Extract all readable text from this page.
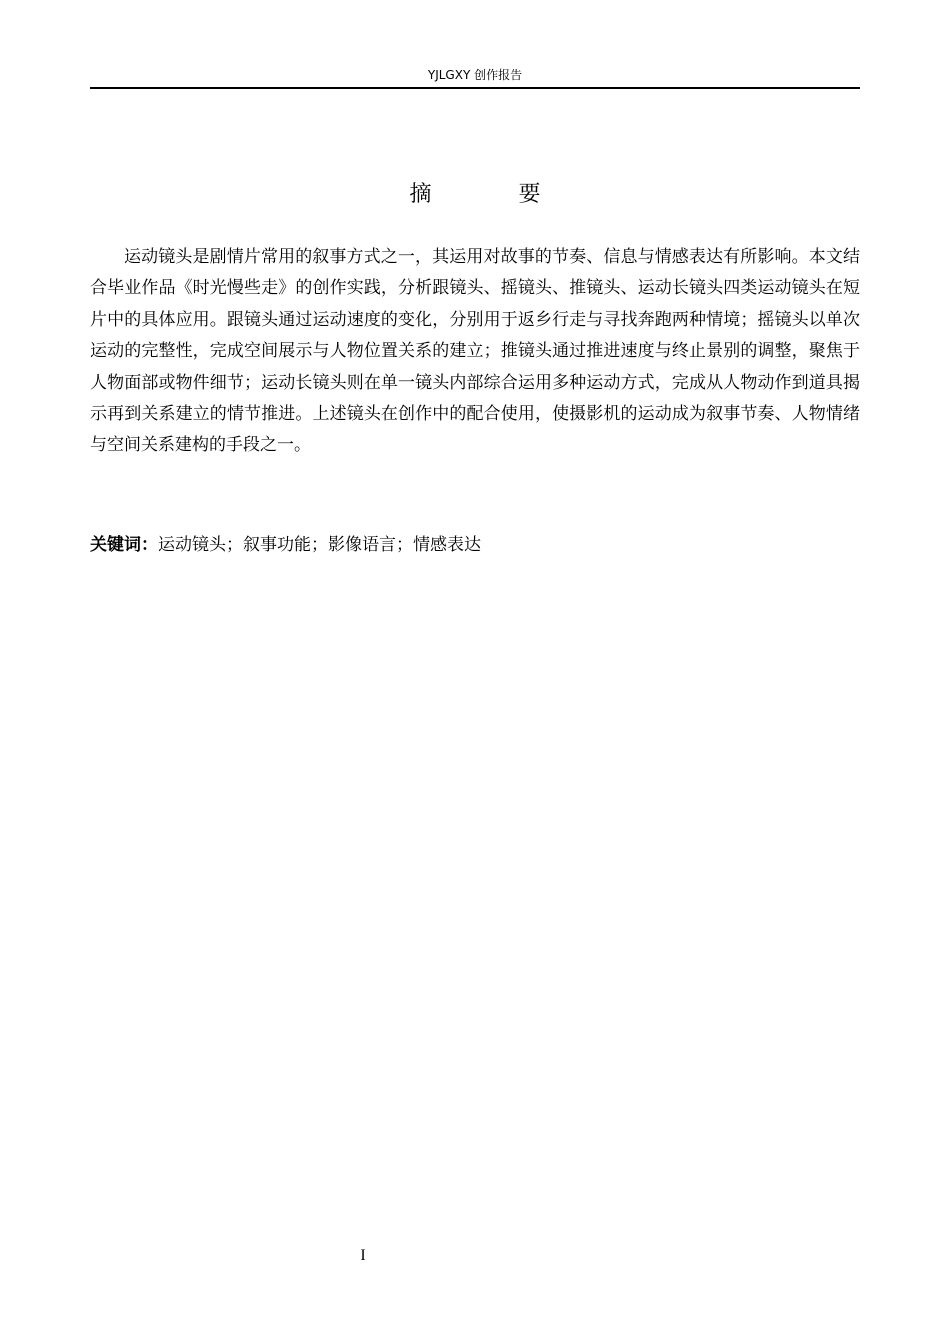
YJLGXY 创作报告
摘 要

运动镜头是剧情片常用的叙事方式之一，其运用对故事的节奏、信息与情感表达有所影响。本文结合毕业作品《时光慢些走》的创作实践，分析跟镜头、摇镜头、推镜头、运动长镜头四类运动镜头在短片中的具体应用。跟镜头通过运动速度的变化，分别用于返乡行走与寻找奔跑两种情境；摇镜头以单次运动的完整性，完成空间展示与人物位置关系的建立；推镜头通过推进速度与终止景别的调整，聚焦于人物面部或物件细节；运动长镜头则在单一镜头内部综合运用多种运动方式，完成从人物动作到道具揭示再到关系建立的情节推进。上述镜头在创作中的配合使用，使摄影机的运动成为叙事节奏、人物情绪与空间关系建构的手段之一。

关键词：运动镜头；叙事功能；影像语言；情感表达
I
